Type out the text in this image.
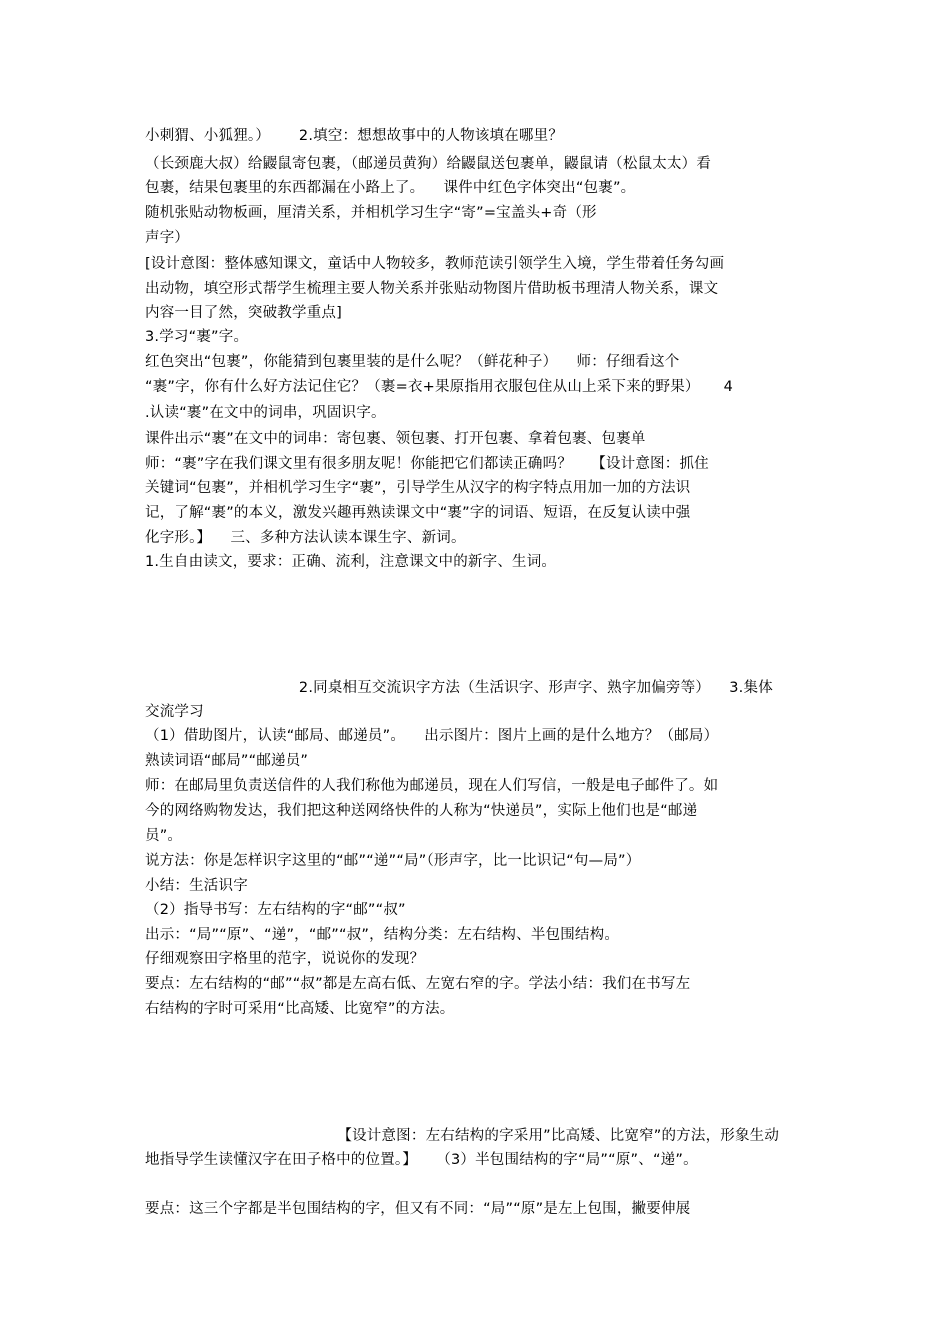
小刺猬、小狐狸。）      2.填空：想想故事中的人物该填在哪里？
（长颈鹿大叔）给鼹鼠寄包裹，（邮递员黄狗）给鼹鼠送包裹单，鼹鼠请（松鼠太太）看
包裹，结果包裹里的东西都漏在小路上了。    课件中红色字体突出“包裹”。
随机张贴动物板画，厘清关系，并相机学习生字“寄”=宝盖头+奇（形
声字）
[设计意图：整体感知课文，童话中人物较多，教师范读引领学生入境，学生带着任务勾画
出动物，填空形式帮学生梳理主要人物关系并张贴动物图片借助板书理清人物关系，课文
内容一目了然，突破教学重点]
3.学习“裹”字。
红色突出“包裹”，你能猜到包裹里装的是什么呢？（鲜花种子）    师：仔细看这个
“裹”字，你有什么好方法记住它？（裹=衣+果原指用衣服包住从山上采下来的野果）     4
.认读“裹”在文中的词串，巩固识字。
课件出示“裹”在文中的词串：寄包裹、领包裹、打开包裹、拿着包裹、包裹单
师：“裹”字在我们课文里有很多朋友呢！你能把它们都读正确吗？    【设计意图：抓住
关键词“包裹”，并相机学习生字“裹”，引导学生从汉字的构字特点用加一加的方法识
记，了解“裹”的本义，激发兴趣再熟读课文中“裹”字的词语、短语，在反复认读中强
化字形。】    三、多种方法认读本课生字、新词。
1.生自由读文，要求：正确、流利，注意课文中的新字、生词。
2.同桌相互交流识字方法（生活识字、形声字、熟字加偏旁等）    3.集体
交流学习
（1）借助图片，认读“邮局、邮递员”。    出示图片：图片上画的是什么地方？（邮局）
熟读词语“邮局”“邮递员”
师：在邮局里负责送信件的人我们称他为邮递员，现在人们写信，一般是电子邮件了。如
今的网络购物发达，我们把这种送网络快件的人称为“快递员”，实际上他们也是“邮递
员”。
说方法：你是怎样识字这里的“邮”“递”“局”（形声字，比一比识记“句—局”）
小结：生活识字
（2）指导书写：左右结构的字“邮”“叔”
出示：“局”“原”、“递”，“邮”“叔”，结构分类：左右结构、半包围结构。
仔细观察田字格里的范字，说说你的发现？
要点：左右结构的“邮”“叔”都是左高右低、左宽右窄的字。学法小结：我们在书写左
右结构的字时可采用“比高矮、比宽窄”的方法。
【设计意图：左右结构的字采用”比高矮、比宽窄”的方法，形象生动
地指导学生读懂汉字在田子格中的位置。】    （3）半包围结构的字“局”“原”、“递”。
要点：这三个字都是半包围结构的字，但又有不同：“局”“原”是左上包围，撇要伸展
